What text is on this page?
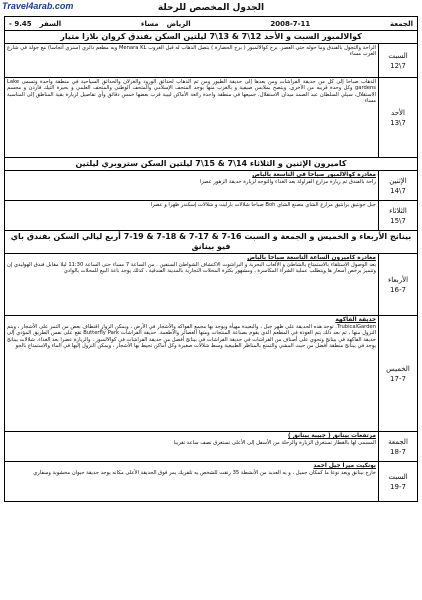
Travel4arab.com	الجدول المخصص للرحلة
الجمعة
2008-7-11
الرياض
مساء
السفر
9.45 -
كوالالمبور السبت و الأحد 12\7 & 13\7 ليلتين السكن بفندق كروان بلازا متيار	
السبت
7\12	الراحة والتجول بالفندق وما حوله حتى العصر. برج كوالالمبور ( برج الحضارة ) يتصل الذهاب له قبل الغروب Menara KL ويه مطعم دائري (سنري أتجاسا) مع جولة في شارع العرب مساء
الأحد
7\13	الذهاب صباحا إلى كل من حديقة الفراشات ومن بعدها إلى حديقة الطيور ومن ثم الذهاب لحدائق الورود والغزلان والحدائق السياحية في منطقة واحدة وتسمى Lake gardens وكل وحدة قريبه من الأخرى. ويتصح بملابس صيفية و بالغرب منها يوجد المتحف الإسلامي والمتحف الوطني والمتحف العلمي و بحيرة التيك فاردن و مجسم الاستقلال، سيلي السلطان عبد الصمد ميدان الاستقلال، جميعها في منطقة واحدة رائعة الأماكن ليبية قرب بعضها خمس دقائق وأي تفاصيل لزيارة بقية المناطق إلى المناسبة مساء
كاميرون الإثنين و الثلاثاء 14\7 & 15\7 ليلتين السكن ستروبري ليلتين	
الإثنين
7\14	مغادرة كوالالمبور صباحا في التاسعة بالباص
راحة بالفندق ثم زيارة مزارع الفراولة بعد الغداء والتوجه لزيارة حديقة الزهور عصرا
الثلاثاء
7\15	جبل جونتيق برانتيق مزارع الشاي مصنع الشاي Boh صباحا شلالات بارليت و شلالات إسكندر ظهرا و عصرا
بينانج الأربعاء و الخميس و الجمعة و السبت 16-7 & 17-7 & 18-7 & 19-7 أربع ليالي السكن بفندق باي فيو بينانق	
الأربعاء
16-7	مغادرة كاميرون الساعة التاسعة صباحا بالباص
بعد الوصول الاستلقاء بالاستمتاع بالشاطئ و الألعاب البحرية و البراشوت الاكتشاف الشواطئ السنفين . من الساعة 7 مساء حتى الساعة 11:30 ليلا مقابل فندق الهوليدي إن وتتميز برخص أسعار ها ويتطلب عملية الشراء المكاسرة ، ومشهور بكثرة المحلات التجارية بالمدينة الفندقية ، كذلك يوجد باعة البيع للمحلات بالوادي
الخميس
17-7	حديقة الفاكهة
TrubicalGarden. توجد هذه الحديقة على ظهر جبل ، والبعيدة مهيأة ويوجد بها مجمع الفواكه والأشجار في الأرض ، ويمكن الزوار اقتطاف بعض من التمر على الأشجار ، ويتم النزول منها ، ثم بعد ذلك يتم العودة في المطعم الذي يقوم بصناعة المنتجات ومنها العصائر والأطعمة. حديقة الفراشات Butterfly Park تقع على نفس الطريق المؤدي إلى حديقة الفاكهة في بينانج وتحوي على أصناف من الفراشات في حديقة الفراشات في بينانج أفضل من حديقة الفراشات في كوالالمبور ، والزيارة عصرا بعد الغداء. شلالات بينانج يوجد في بينانج منطقة أفضل من حيث المشي والتمتع بالمناظر الطبيعية وسط شلالات صغيرة وكل أماكن تحيط بها الأشجار ، ويمكن النزول إليها في الماء والاستمتاع بالجو
الجمعة
18-7	مرتفعات بينانق ( جبيبة بينانق )
المسمى لها بالقطار تستغرق الزيارة والرحلة من الأسفل إلى الأعلى تستغرق نصف ساعة تقريبا
السبت
19-7	بونكيت ميرا جيل احمد
خارج بينانق ويعد نوعا ما كمكان جميل ، و يه العديد من الأنشطة 35 رنقت للشخص يه تلفريك يمر فوق الحديقة الأعلى مكانه يوجد حديقة حيوان مخشوبة وسفاري
